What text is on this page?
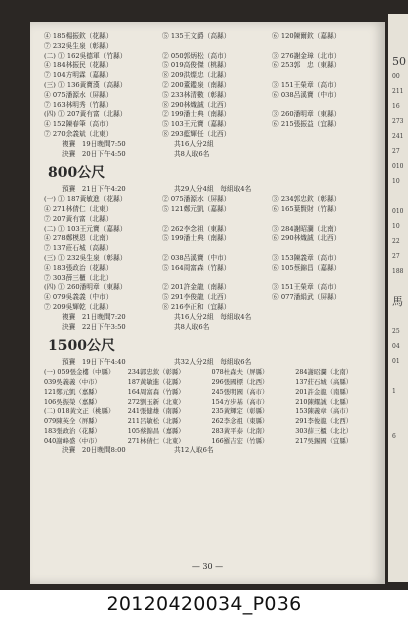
④ 185楊振欽（花縣）	⑤ 135王文爵（高縣）	⑥ 120陳爾欽（嘉縣）
⑦ 232吳生泉（彰縣）
(二) ① 162吳德軍（竹縣）	② 050郭炳松（高市）	③ 276謝金璋（北市）
④ 184林振民（花縣）	⑤ 019高俊傑（桃縣）	⑥ 253郭　忠（東縣）
⑦ 104方明霖（嘉縣）	⑧ 209洪燦忠（北縣）
(三) ① 136黃寶漢（高縣）	② 200董鑑泉（南縣）	③ 151王榮章（高市）
④ 075潘源水（屏縣）	⑤ 233林清數（彰縣）	⑥ 038呂溪寶（中市）
⑦ 163林明秀（竹縣）	⑧ 290林熾誠（北西）
(四) ① 207黃有富（北縣）	② 199潘士典（南縣）	③ 260潘明章（東縣）
④ 152陳春筆（高市）	⑤ 103王元寶（嘉縣）	⑥ 215張振益（宜縣）
⑦ 270余義斌（北東）	⑧ 293藍輝任（北西）
複賽　19日晚間7:50	共16人分2組
決賽　20日下午4:50	共8人取6名
800公尺
預賽　21日下午4:20	共29人分4組　每組取4名
(一) ① 187黃敏進（花縣）	② 075潘源水（屏縣）	③ 234郭忠欽（彰縣）
④ 271林倩仁（北東）	⑤ 121鄭元凱（嘉縣）	⑥ 165葉賢財（竹縣）
⑦ 207黃有富（北縣）
(二) ① 103王元寶（嘉縣）	② 262李念祖（東縣）	③ 284謝昭瀾（北南）
④ 278鄭模恩（北南）	⑤ 199潘士典（南縣）	⑥ 290林熾誠（北西）
⑦ 137莊石城（高縣）
(三) ① 232吳生泉（彰縣）	② 038呂溪寶（中市）	③ 153陳義章（高市）
④ 183張政治（花縣）	⑤ 164周富森（竹縣）	⑥ 105蔡錦昌（嘉縣）
⑦ 303薛三櫃（北北）
(四) ① 260潘明章（東縣）	② 201許金龍（南縣）	③ 151王榮章（高市）
④ 079吳義義（中市）	⑤ 291李俊龍（北西）	⑥ 077潘絹武（屏縣）
⑦ 209吳輝乾（北縣）	⑧ 216李正和（宜縣）
複賽　21日晚間7:20	共16人分2組　每組取4名
決賽　22日下午3:50	共8人取6名
1500公尺
預賽　19日下午4:40	共32人分2組　每組取6名
(一) 059張金樓（中縣）	234郭忠欽（彰縣）	078杜森夫（屏縣）	284謝昭瀾（北南）
039吳義義（中市）	187黃敏進（花縣）	296張國標（北西）	137莊石城（高縣）
121鄭元凱（嘉縣）	164周富森（竹縣）	245張明國（高市）	201許金龍（南縣）
106吳振榮（嘉縣）	272劉玉新（北東）	154方步基（高市）	210陳耀誠（北縣）
(二) 018黃文正（桃縣）	241張健雄（南縣）	235黃輝定（彰縣）	153陳義章（高市）
079陳英全（屏縣）	211呂敏松（北縣）	262李念祖（東縣）	291李俊龍（北西）
183張政治（花縣）	105蔡錦昌（嘉縣）	283黃平泰（北南）	303薛三櫃（北北）
040謝峰盛（中市）	271林倩仁（北東）	166羅吉宏（竹縣）	217吳錫國（宜縣）
決賽　20日晚間8:00	共12人取6名
— 30 —
50
00
211
16
273
241
27
010
10
010
10
22
27
188
馬
25
04
01
1
6
20120420034_P036
